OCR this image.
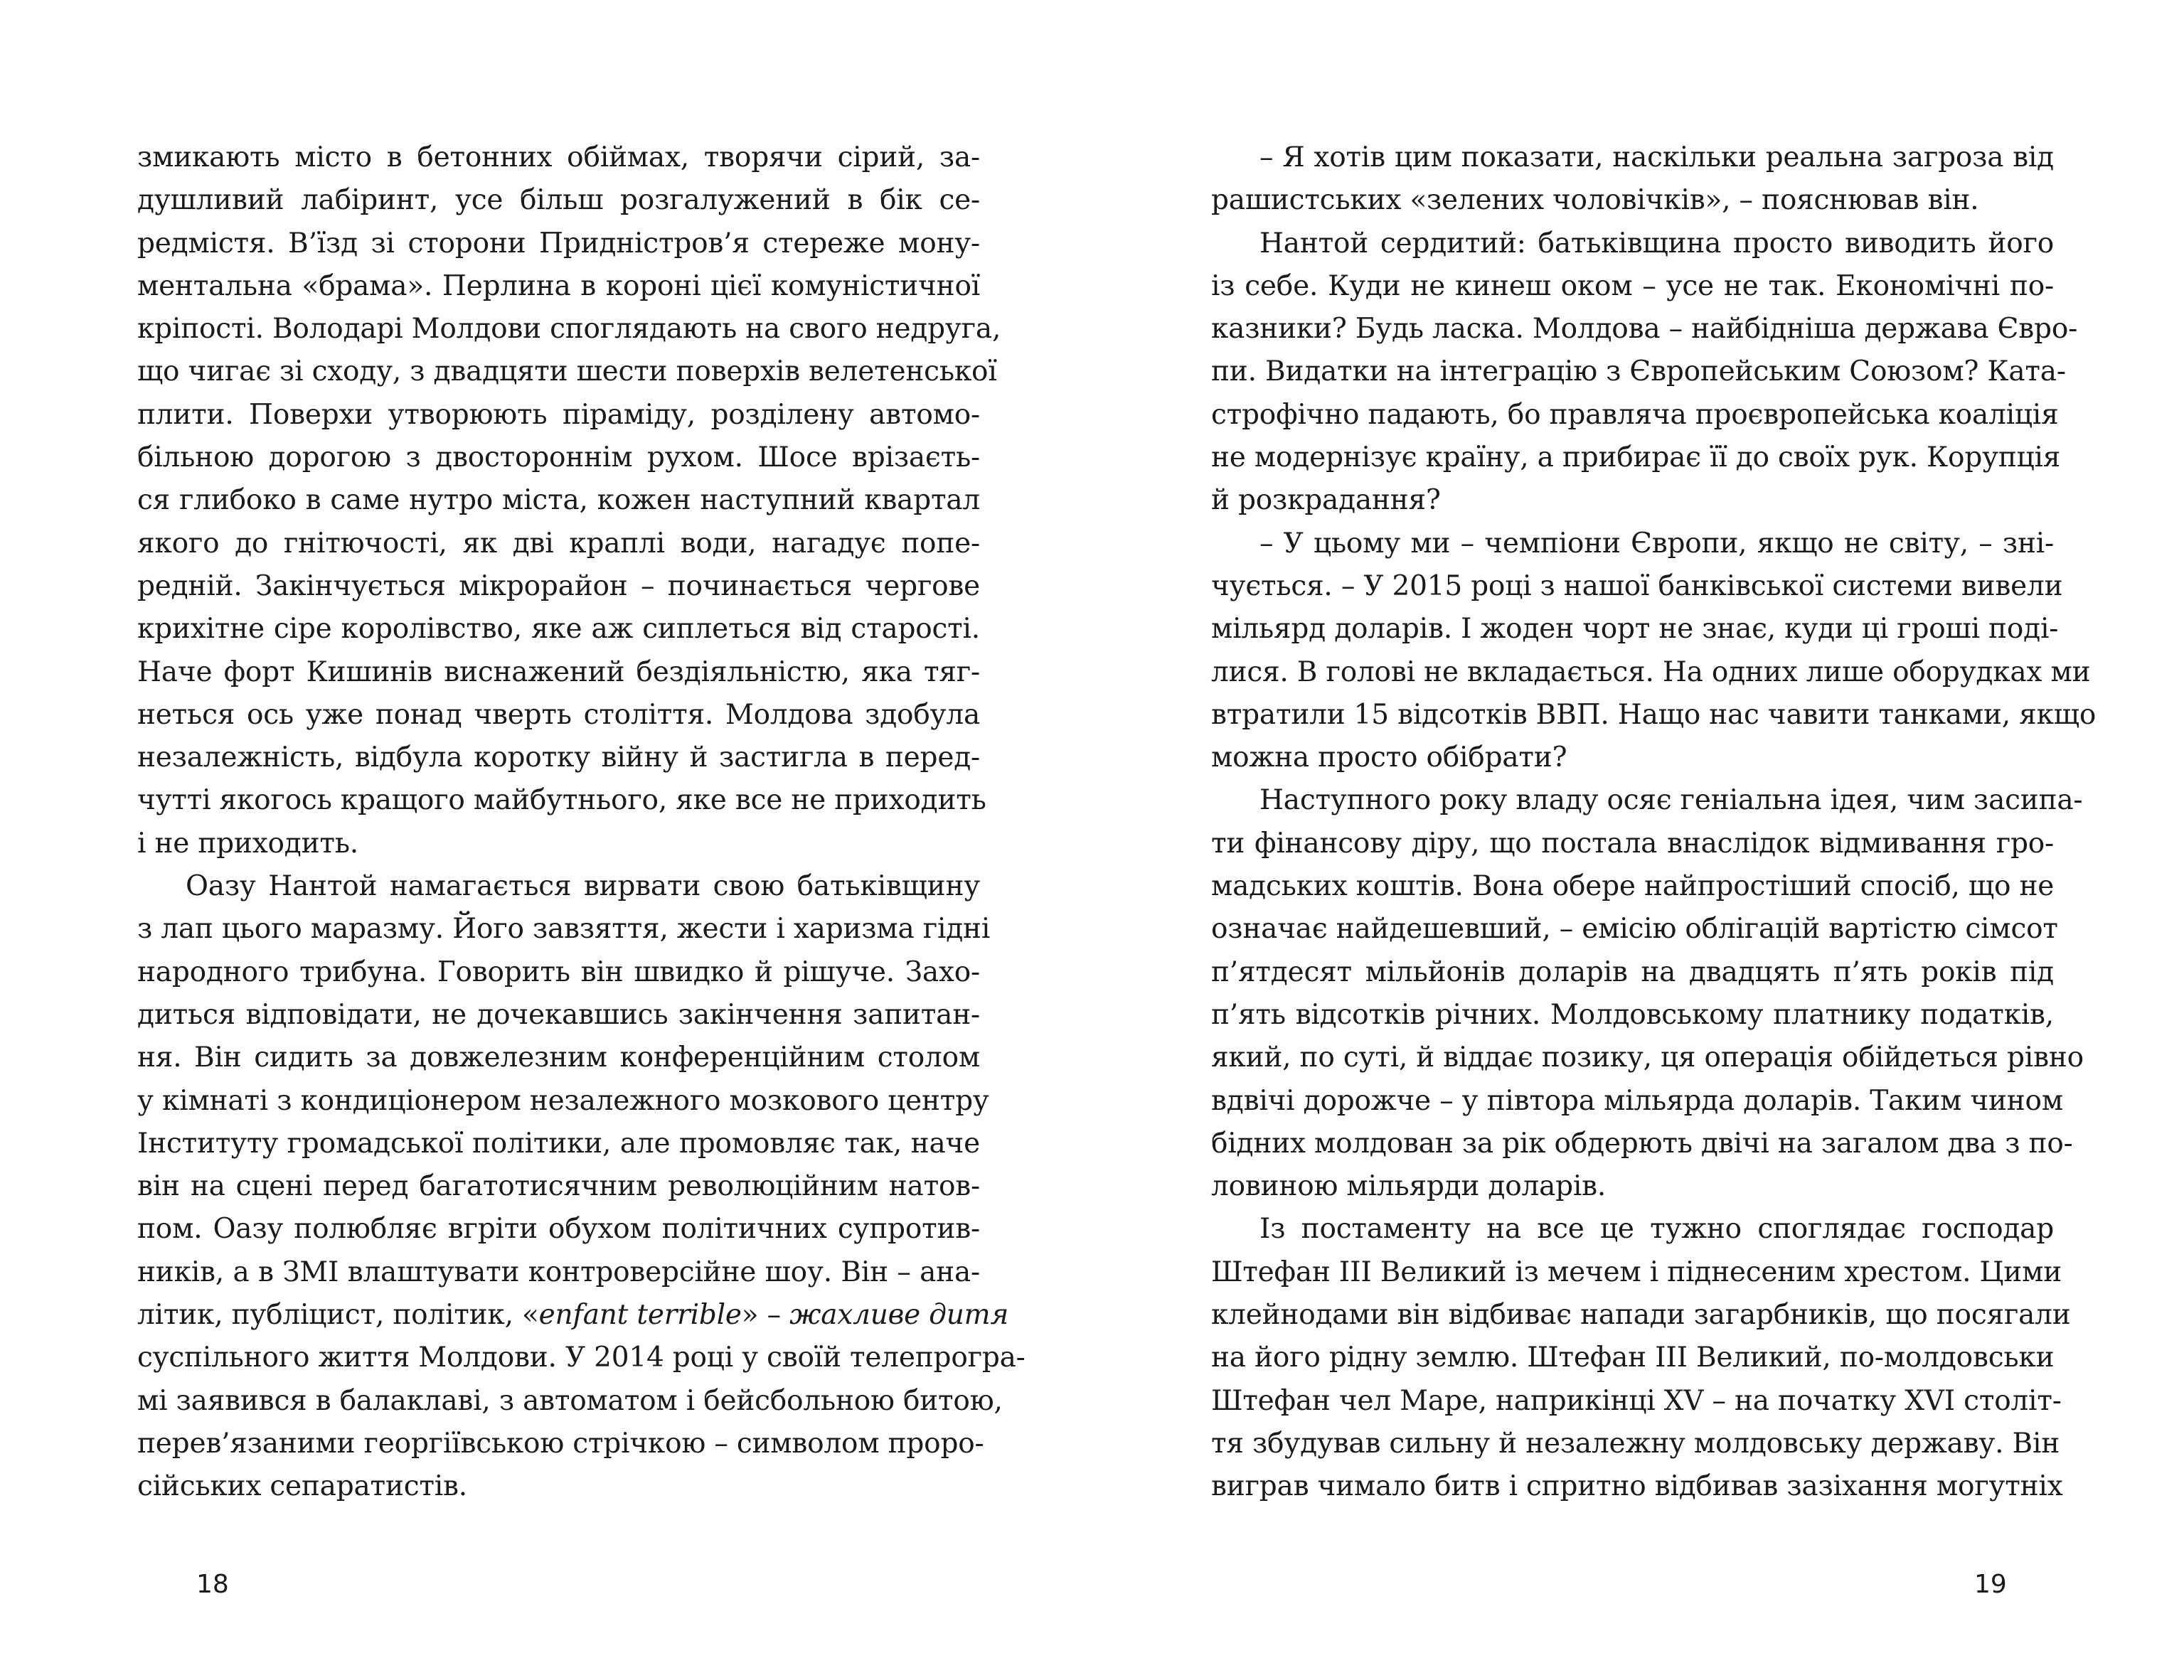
змикають місто в бетонних обіймах, творячи сірий, за-
душливий лабіринт, усе більш розгалужений в бік се-
редмістя. В’їзд зі сторони Придністров’я стереже мону-
ментальна «брама». Перлина в короні цієї комуністичної
кріпості. Володарі Молдови споглядають на свого недруга,
що чигає зі сходу, з двадцяти шести поверхів велетенської
плити. Поверхи утворюють піраміду, розділену автомо-
більною дорогою з двостороннім рухом. Шосе врізаєть-
ся глибоко в саме нутро міста, кожен наступний квартал
якого до гнітючості, як дві краплі води, нагадує попе-
редній. Закінчується мікрорайон – починається чергове
крихітне сіре королівство, яке аж сиплеться від старості.
Наче форт Кишинів виснажений бездіяльністю, яка тяг-
неться ось уже понад чверть століття. Молдова здобула
незалежність, відбула коротку війну й застигла в перед-
чутті якогось кращого майбутнього, яке все не приходить
і не приходить.
Оазу Нантой намагається вирвати свою батьківщину
з лап цього маразму. Його завзяття, жести і харизма гідні
народного трибуна. Говорить він швидко й рішуче. Захо-
диться відповідати, не дочекавшись закінчення запитан-
ня. Він сидить за довжелезним конференційним столом
у кімнаті з кондиціонером незалежного мозкового центру
Інституту громадської політики, але промовляє так, наче
він на сцені перед багатотисячним революційним натов-
пом. Оазу полюбляє вгріти обухом політичних супротив-
ників, а в ЗМІ влаштувати контроверсійне шоу. Він – ана-
літик, публіцист, політик, «enfant terrible» – жахливе дитя
суспільного життя Молдови. У 2014 році у своїй телепрогра-
мі заявився в балаклаві, з автоматом і бейсбольною битою,
перев’язаними георгіївською стрічкою – символом проро-
сійських сепаратистів.
18
– Я хотів цим показати, наскільки реальна загроза від
рашистських «зелених чоловічків», – пояснював він.
Нантой сердитий: батьківщина просто виводить його
із себе. Куди не кинеш оком – усе не так. Економічні по-
казники? Будь ласка. Молдова – найбідніша держава Євро-
пи. Видатки на інтеграцію з Європейським Союзом? Ката-
строфічно падають, бо правляча проєвропейська коаліція
не модернізує країну, а прибирає її до своїх рук. Корупція
й розкрадання?
– У цьому ми – чемпіони Європи, якщо не світу, – зні-
чується. – У 2015 році з нашої банківської системи вивели
мільярд доларів. І жоден чорт не знає, куди ці гроші поді-
лися. В голові не вкладається. На одних лише оборудках ми
втратили 15 відсотків ВВП. Нащо нас чавити танками, якщо
можна просто обібрати?
Наступного року владу осяє геніальна ідея, чим засипа-
ти фінансову діру, що постала внаслідок відмивання гро-
мадських коштів. Вона обере найпростіший спосіб, що не
означає найдешевший, – емісію облігацій вартістю сімсот
п’ятдесят мільйонів доларів на двадцять п’ять років під
п’ять відсотків річних. Молдовському платнику податків,
який, по суті, й віддає позику, ця операція обійдеться рівно
вдвічі дорожче – у півтора мільярда доларів. Таким чином
бідних молдован за рік обдерють двічі на загалом два з по-
ловиною мільярди доларів.
Із постаменту на все це тужно споглядає господар
Штефан III Великий із мечем і піднесеним хрестом. Цими
клейнодами він відбиває напади загарбників, що посягали
на його рідну землю. Штефан III Великий, по-молдовськи
Штефан чел Маре, наприкінці XV – на початку XVI століт-
тя збудував сильну й незалежну молдовську державу. Він
виграв чимало битв і спритно відбивав зазіхання могутніх
19
